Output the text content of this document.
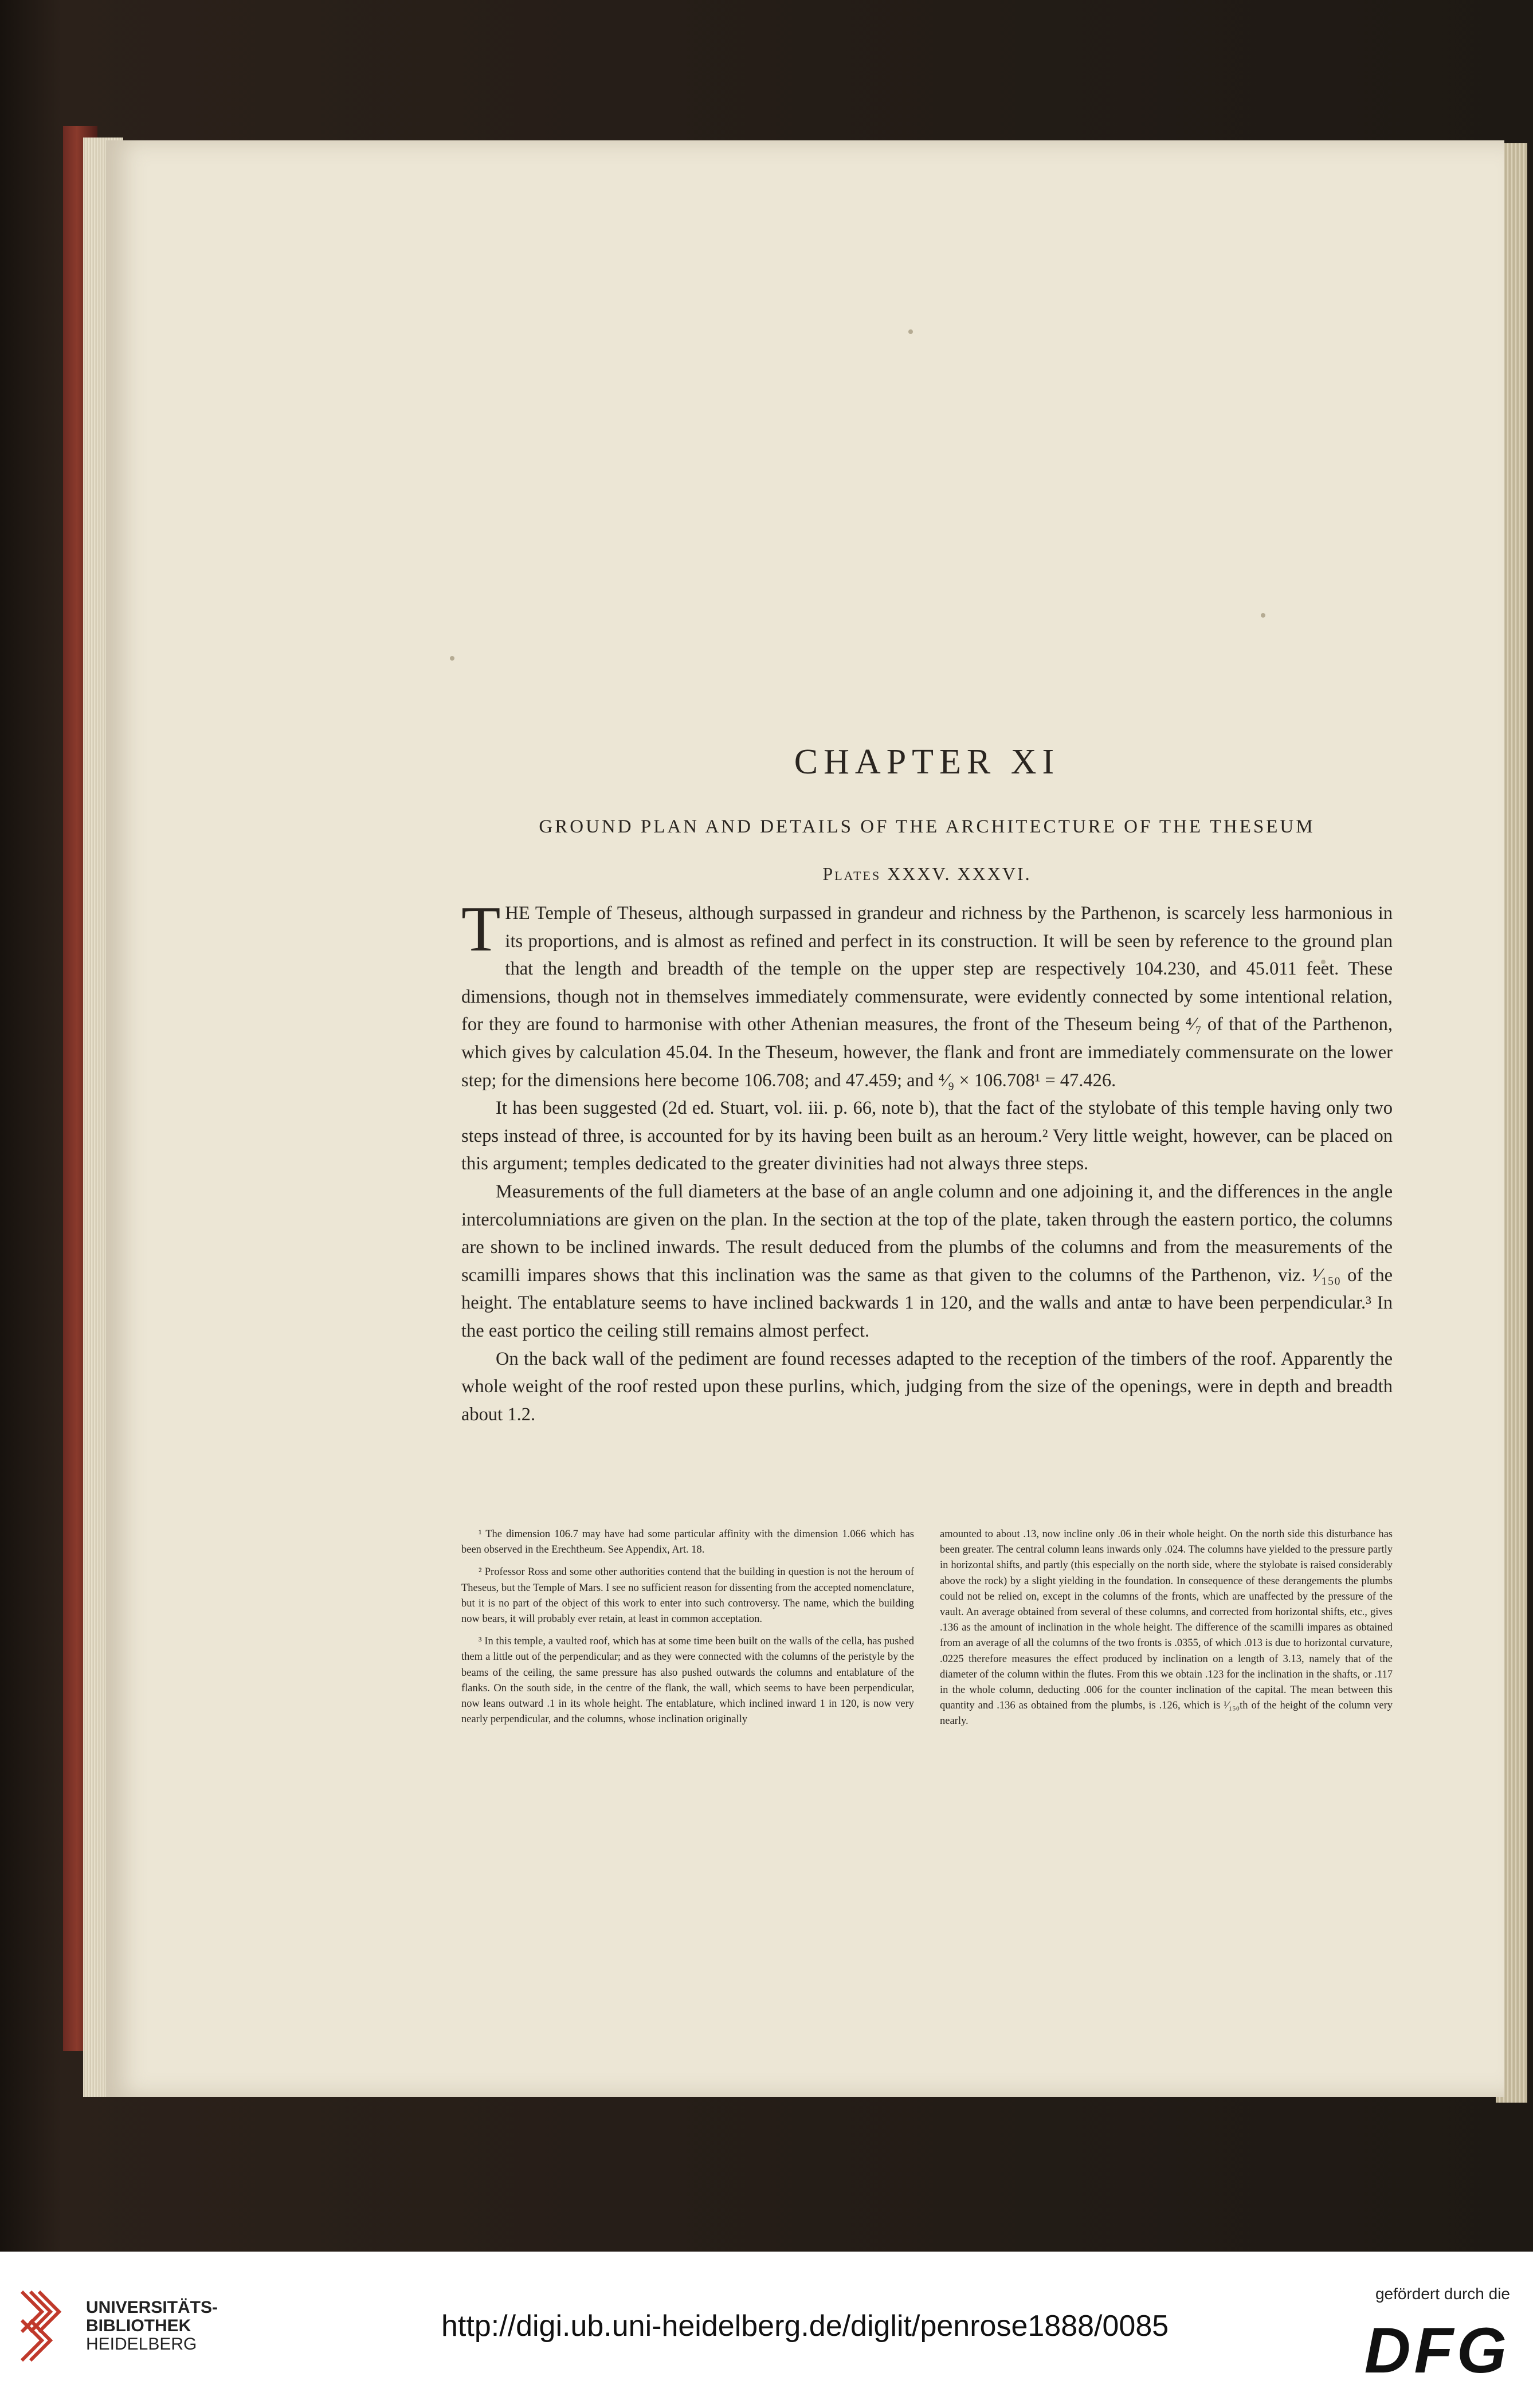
CHAPTER XI
GROUND PLAN AND DETAILS OF THE ARCHITECTURE OF THE THESEUM
Plates XXXV. XXXVI.

THE Temple of Theseus, although surpassed in grandeur and richness by the Parthenon, is scarcely less harmonious in its proportions, and is almost as refined and perfect in its construction. It will be seen by reference to the ground plan that the length and breadth of the temple on the upper step are respectively 104.230, and 45.011 feet. These dimensions, though not in themselves immediately commensurate, were evidently connected by some intentional relation, for they are found to harmonise with other Athenian measures, the front of the Theseum being ⁴⁄₇ of that of the Parthenon, which gives by calculation 45.04. In the Theseum, however, the flank and front are immediately commensurate on the lower step; for the dimensions here become 106.708; and 47.459; and ⁴⁄₉ × 106.708¹ = 47.426.

It has been suggested (2d ed. Stuart, vol. iii. p. 66, note b), that the fact of the stylobate of this temple having only two steps instead of three, is accounted for by its having been built as an heroum.² Very little weight, however, can be placed on this argument; temples dedicated to the greater divinities had not always three steps.

Measurements of the full diameters at the base of an angle column and one adjoining it, and the differences in the angle intercolumniations are given on the plan. In the section at the top of the plate, taken through the eastern portico, the columns are shown to be inclined inwards. The result deduced from the plumbs of the columns and from the measurements of the scamilli impares shows that this inclination was the same as that given to the columns of the Parthenon, viz. ¹⁄₁₅₀ of the height. The entablature seems to have inclined backwards 1 in 120, and the walls and antæ to have been perpendicular.³ In the east portico the ceiling still remains almost perfect.

On the back wall of the pediment are found recesses adapted to the reception of the timbers of the roof. Apparently the whole weight of the roof rested upon these purlins, which, judging from the size of the openings, were in depth and breadth about 1.2.

¹ The dimension 106.7 may have had some particular affinity with the dimension 1.066 which has been observed in the Erechtheum. See Appendix, Art. 18.

² Professor Ross and some other authorities contend that the building in question is not the heroum of Theseus, but the Temple of Mars. I see no sufficient reason for dissenting from the accepted nomenclature, but it is no part of the object of this work to enter into such controversy. The name, which the building now bears, it will probably ever retain, at least in common acceptation.

³ In this temple, a vaulted roof, which has at some time been built on the walls of the cella, has pushed them a little out of the perpendicular; and as they were connected with the columns of the peristyle by the beams of the ceiling, the same pressure has also pushed outwards the columns and entablature of the flanks. On the south side, in the centre of the flank, the wall, which seems to have been perpendicular, now leans outward .1 in its whole height. The entablature, which inclined inward 1 in 120, is now very nearly perpendicular, and the columns, whose inclination originally

amounted to about .13, now incline only .06 in their whole height. On the north side this disturbance has been greater. The central column leans inwards only .024. The columns have yielded to the pressure partly in horizontal shifts, and partly (this especially on the north side, where the stylobate is raised considerably above the rock) by a slight yielding in the foundation. In consequence of these derangements the plumbs could not be relied on, except in the columns of the fronts, which are unaffected by the pressure of the vault. An average obtained from several of these columns, and corrected from horizontal shifts, etc., gives .136 as the amount of inclination in the whole height. The difference of the scamilli impares as obtained from an average of all the columns of the two fronts is .0355, of which .013 is due to horizontal curvature, .0225 therefore measures the effect produced by inclination on a length of 3.13, namely that of the diameter of the column within the flutes. From this we obtain .123 for the inclination in the shafts, or .117 in the whole column, deducting .006 for the counter inclination of the capital. The mean between this quantity and .136 as obtained from the plumbs, is .126, which is ¹⁄₁₅₀th of the height of the column very nearly.

UNIVERSITÄTS-
BIBLIOTHEK
HEIDELBERG
http://digi.ub.uni-heidelberg.de/diglit/penrose1888/0085
gefördert durch die
DFG
